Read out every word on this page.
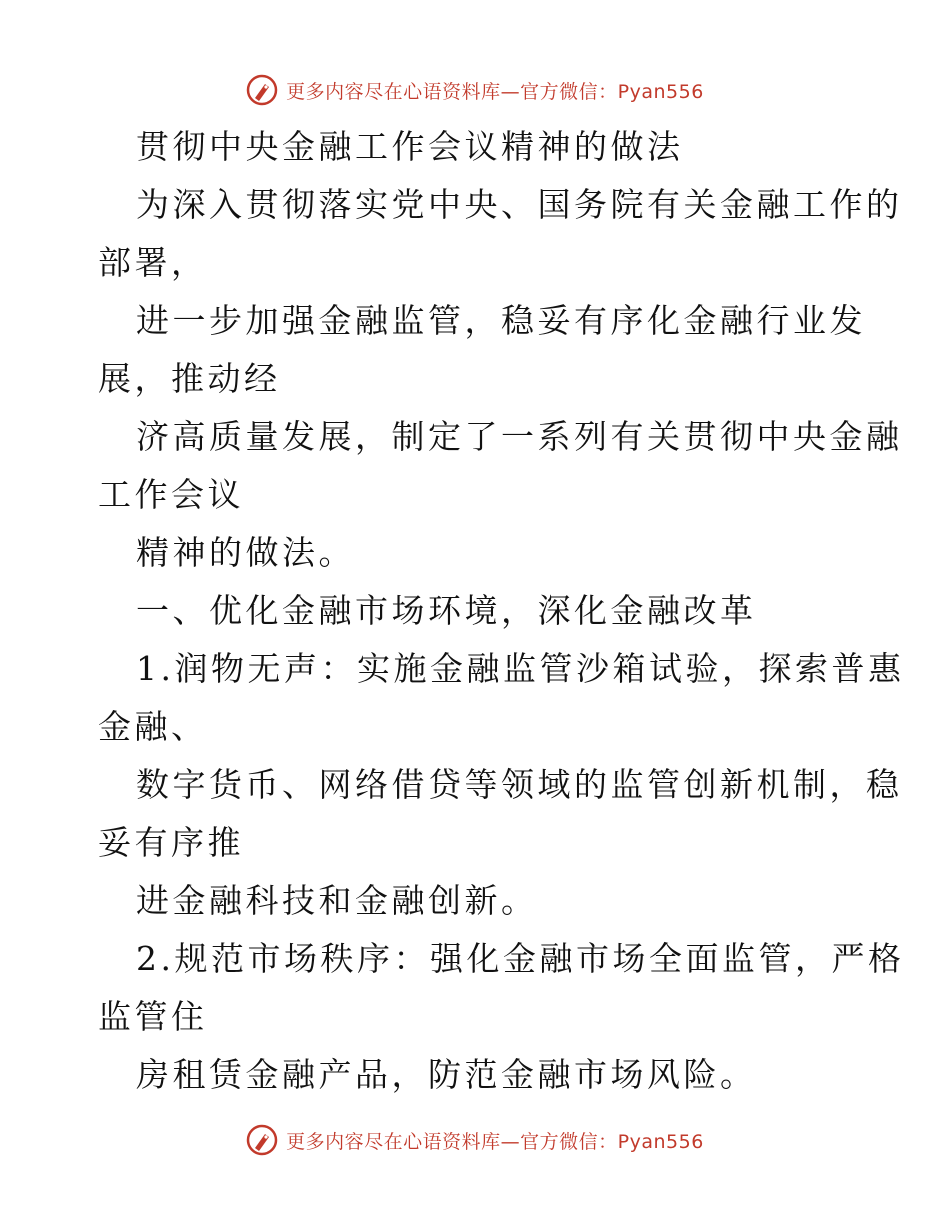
更多内容尽在心语资料库—官方微信：Pyan556
贯彻中央金融工作会议精神的做法
为深入贯彻落实党中央、国务院有关金融工作的
部署，
进一步加强金融监管，稳妥有序化金融行业发
展，推动经
济高质量发展，制定了一系列有关贯彻中央金融
工作会议
精神的做法。
一、优化金融市场环境，深化金融改革
1.润物无声：实施金融监管沙箱试验，探索普惠
金融、
数字货币、网络借贷等领域的监管创新机制，稳
妥有序推
进金融科技和金融创新。
2.规范市场秩序：强化金融市场全面监管，严格
监管住
房租赁金融产品，防范金融市场风险。
更多内容尽在心语资料库—官方微信：Pyan556
